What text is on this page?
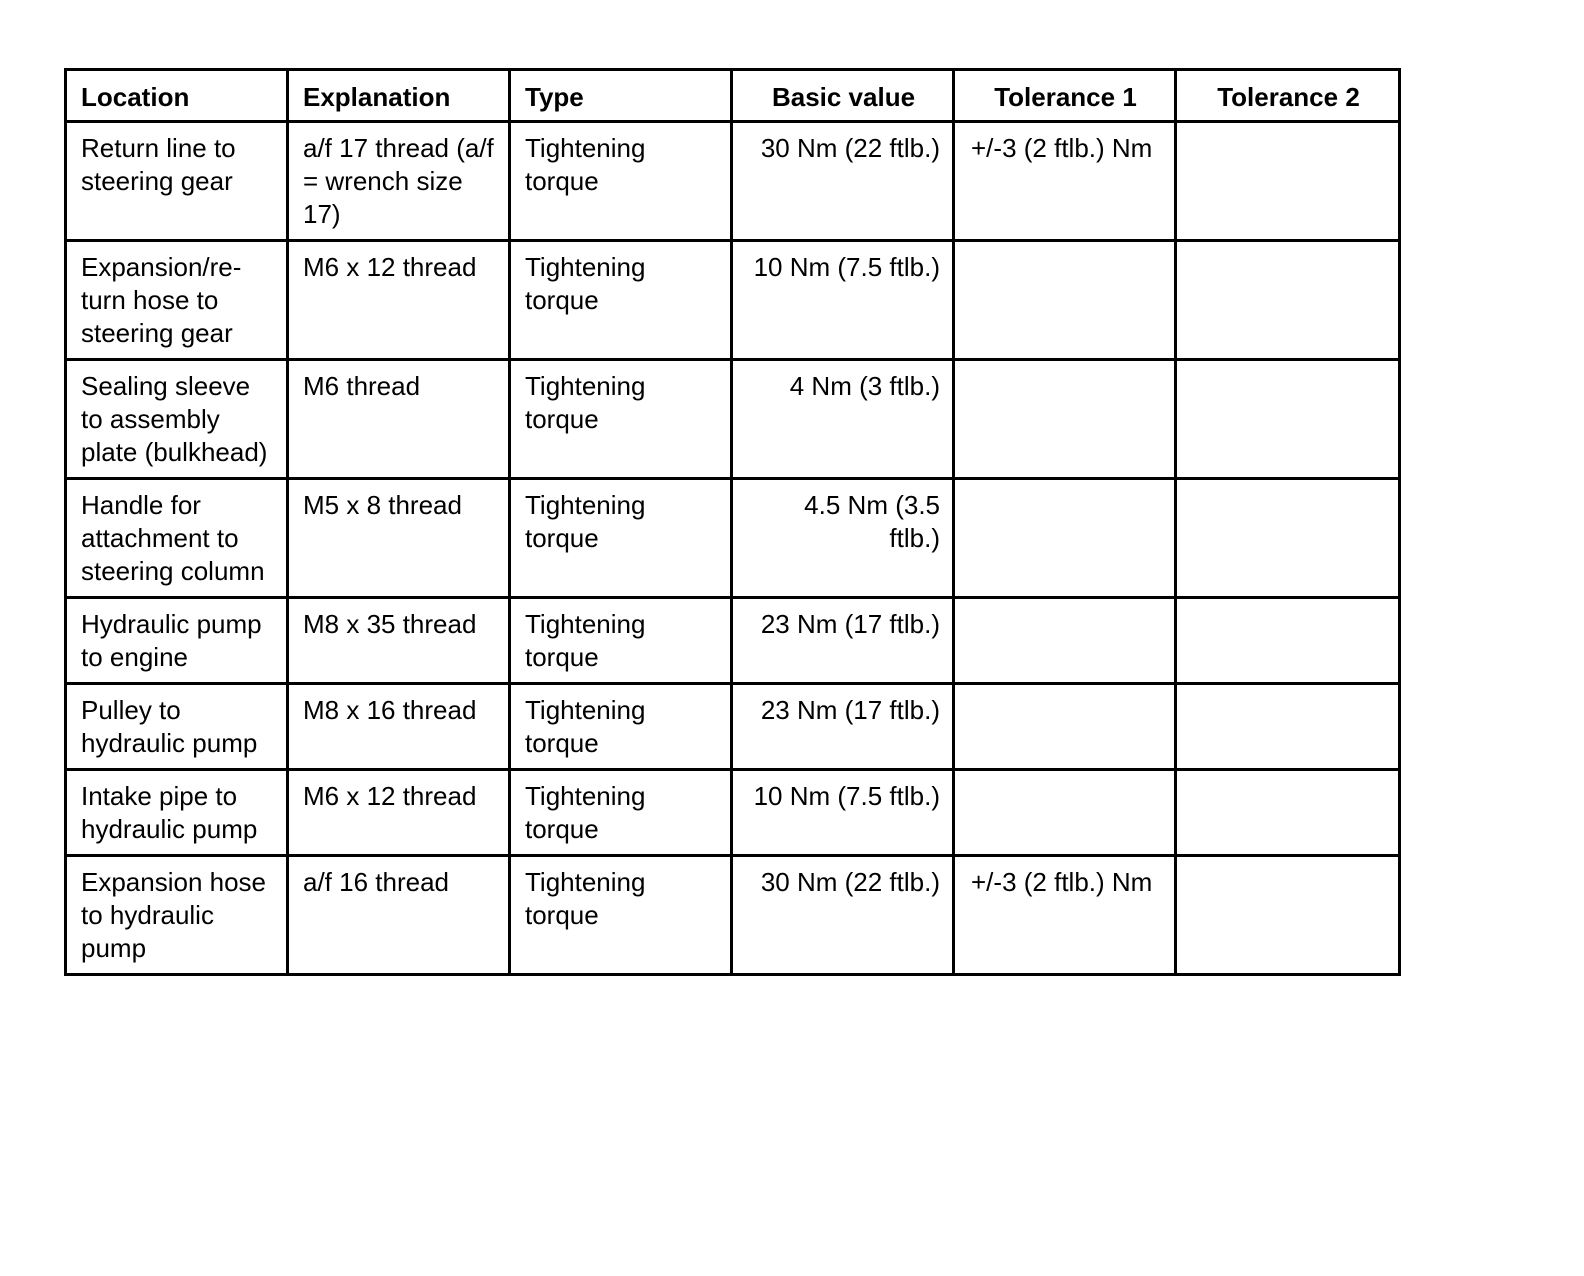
Location	Explanation	Type	Basic value	Tolerance 1	Tolerance 2
Return line to steering gear	a/f 17 thread (a/f = wrench size 17)	Tightening torque	30 Nm (22 ftlb.)	+/-3 (2 ftlb.) Nm	
Expansion/re-turn hose to steering gear	M6 x 12 thread	Tightening torque	10 Nm (7.5 ftlb.)		
Sealing sleeve to assembly plate (bulkhead)	M6 thread	Tightening torque	4 Nm (3 ftlb.)		
Handle for attachment to steering column	M5 x 8 thread	Tightening torque	4.5 Nm (3.5 ftlb.)		
Hydraulic pump to engine	M8 x 35 thread	Tightening torque	23 Nm (17 ftlb.)		
Pulley to hydraulic pump	M8 x 16 thread	Tightening torque	23 Nm (17 ftlb.)		
Intake pipe to hydraulic pump	M6 x 12 thread	Tightening torque	10 Nm (7.5 ftlb.)		
Expansion hose to hydraulic pump	a/f 16 thread	Tightening torque	30 Nm (22 ftlb.)	+/-3 (2 ftlb.) Nm	
